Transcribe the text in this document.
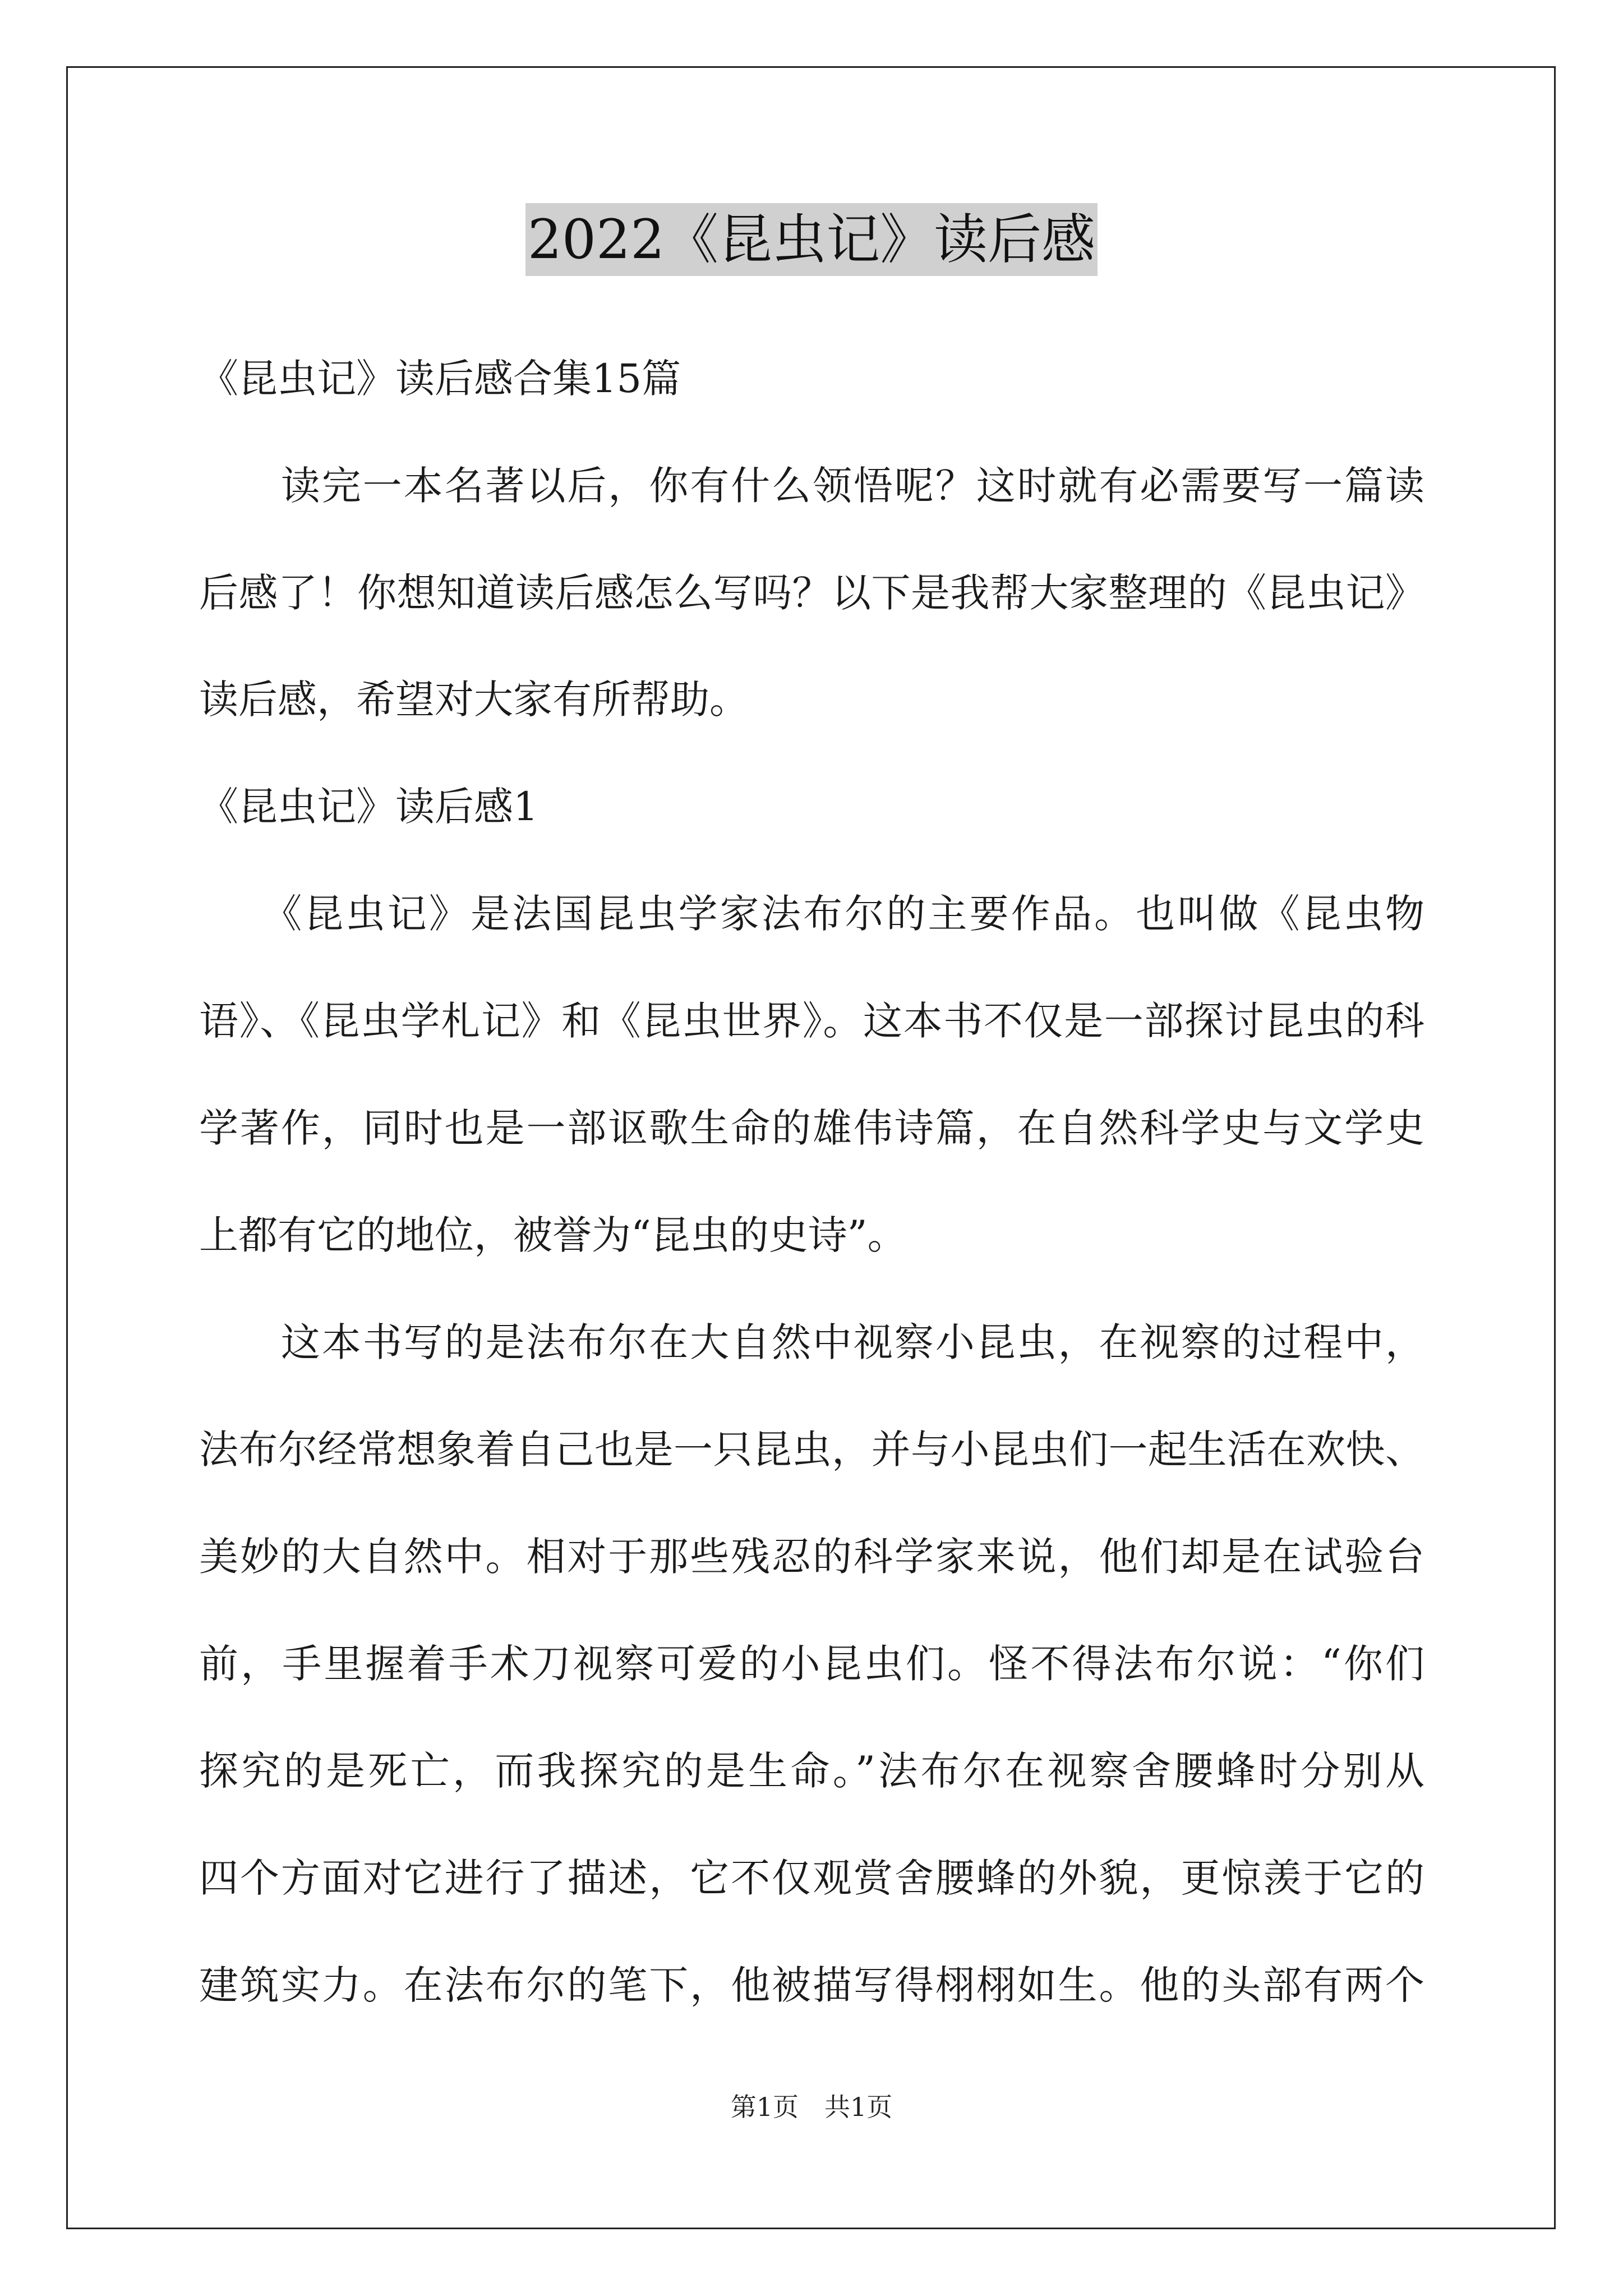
2022《昆虫记》读后感
《昆虫记》读后感合集15篇
　　读完一本名著以后，你有什么领悟呢？这时就有必需要写一篇读
后感了！你想知道读后感怎么写吗？以下是我帮大家整理的《昆虫记》
读后感，希望对大家有所帮助。
《昆虫记》读后感1
　　《昆虫记》是法国昆虫学家法布尔的主要作品。也叫做《昆虫物
语》、《昆虫学札记》和《昆虫世界》。这本书不仅是一部探讨昆虫的科
学著作，同时也是一部讴歌生命的雄伟诗篇，在自然科学史与文学史
上都有它的地位，被誉为“昆虫的史诗”。
　　这本书写的是法布尔在大自然中视察小昆虫，在视察的过程中，
法布尔经常想象着自己也是一只昆虫，并与小昆虫们一起生活在欢快、
美妙的大自然中。相对于那些残忍的科学家来说，他们却是在试验台
前，手里握着手术刀视察可爱的小昆虫们。怪不得法布尔说：“你们
探究的是死亡，而我探究的是生命。”法布尔在视察舍腰蜂时分别从
四个方面对它进行了描述，它不仅观赏舍腰蜂的外貌，更惊羡于它的
建筑实力。在法布尔的笔下，他被描写得栩栩如生。他的头部有两个
第1页　共1页
